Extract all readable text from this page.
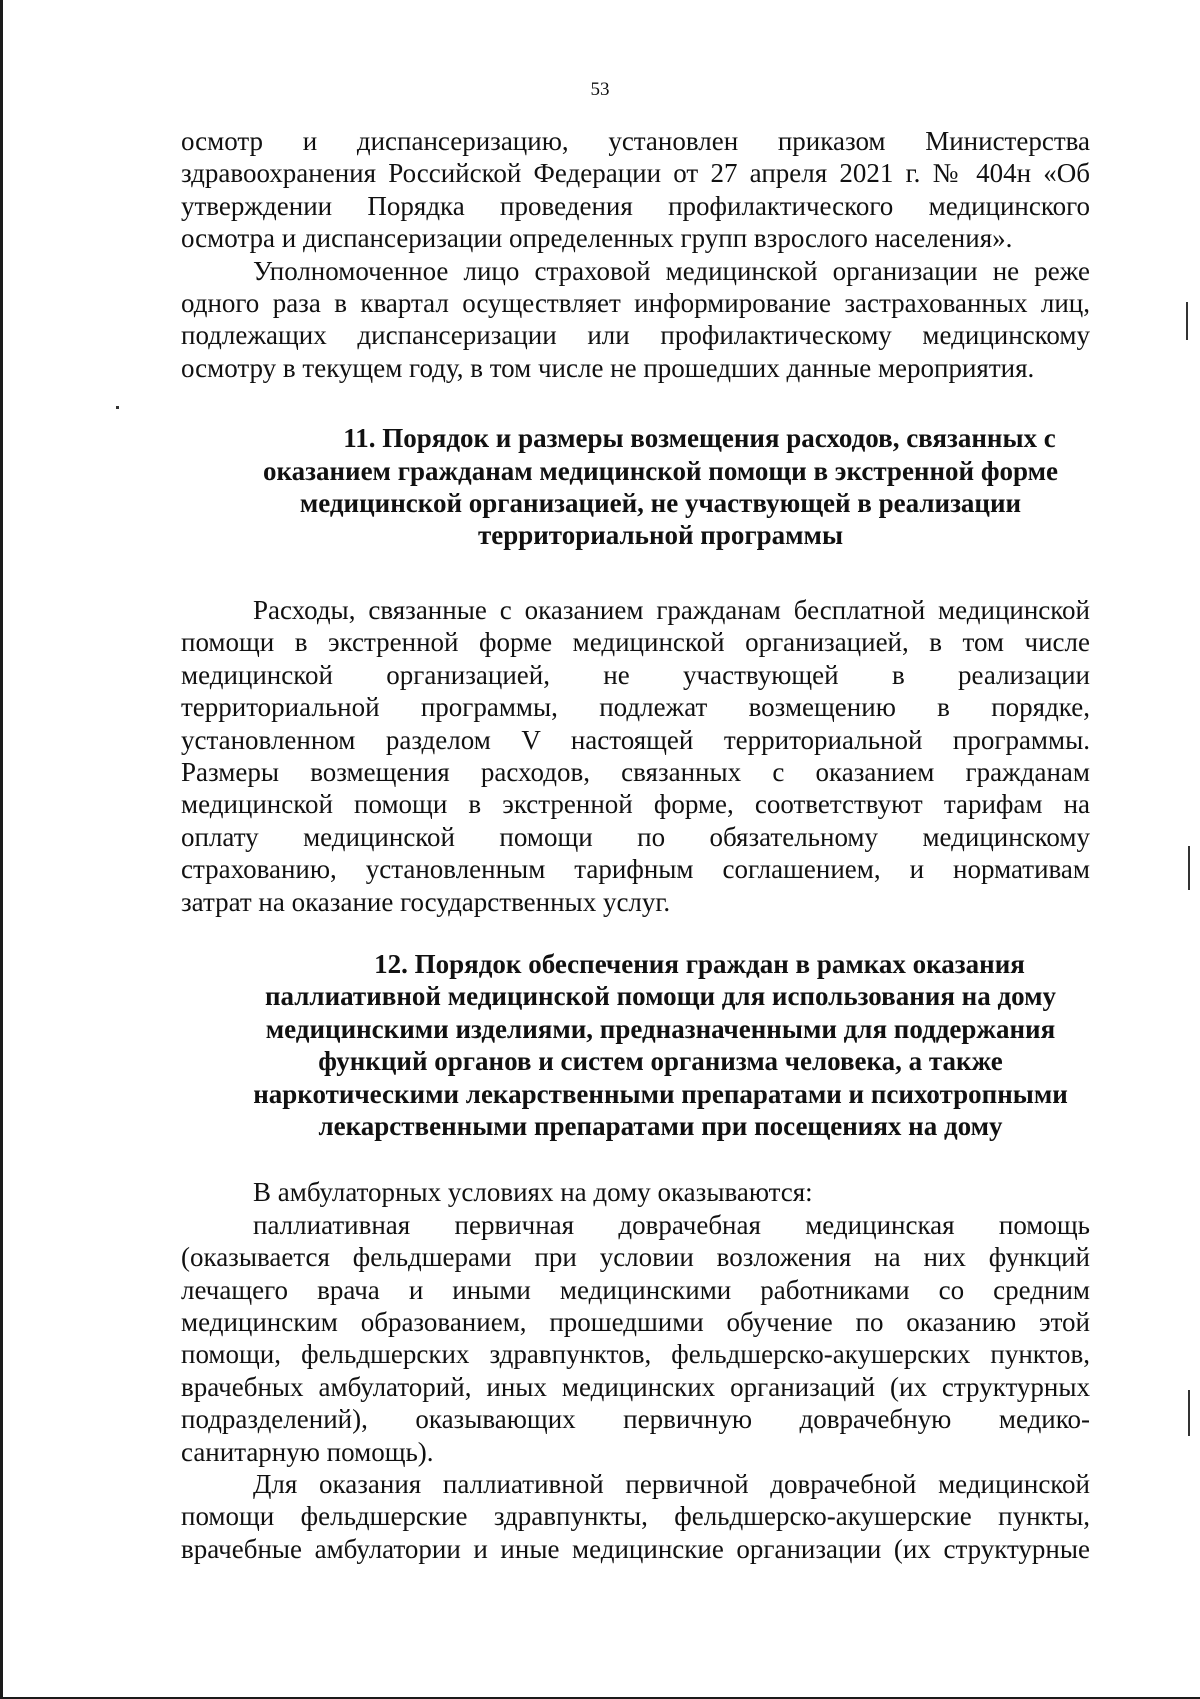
53

осмотр и диспансеризацию, установлен приказом Министерства
здравоохранения Российской Федерации от 27 апреля 2021 г. № 404н «Об
утверждении Порядка проведения профилактического медицинского
осмотра и диспансеризации определенных групп взрослого населения».

Уполномоченное лицо страховой медицинской организации не реже
одного раза в квартал осуществляет информирование застрахованных лиц,
подлежащих диспансеризации или профилактическому медицинскому
осмотру в текущем году, в том числе не прошедших данные мероприятия.

11. Порядок и размеры возмещения расходов, связанных с
оказанием гражданам медицинской помощи в экстренной форме
медицинской организацией, не участвующей в реализации
территориальной программы

Расходы, связанные с оказанием гражданам бесплатной медицинской
помощи в экстренной форме медицинской организацией, в том числе
медицинской организацией, не участвующей в реализации
территориальной программы, подлежат возмещению в порядке,
установленном разделом V настоящей территориальной программы.
Размеры возмещения расходов, связанных с оказанием гражданам
медицинской помощи в экстренной форме, соответствуют тарифам на
оплату медицинской помощи по обязательному медицинскому
страхованию, установленным тарифным соглашением, и нормативам
затрат на оказание государственных услуг.

12. Порядок обеспечения граждан в рамках оказания
паллиативной медицинской помощи для использования на дому
медицинскими изделиями, предназначенными для поддержания
функций органов и систем организма человека, а также
наркотическими лекарственными препаратами и психотропными
лекарственными препаратами при посещениях на дому

В амбулаторных условиях на дому оказываются:

паллиативная первичная доврачебная медицинская помощь
(оказывается фельдшерами при условии возложения на них функций
лечащего врача и иными медицинскими работниками со средним
медицинским образованием, прошедшими обучение по оказанию этой
помощи, фельдшерских здравпунктов, фельдшерско-акушерских пунктов,
врачебных амбулаторий, иных медицинских организаций (их структурных
подразделений), оказывающих первичную доврачебную медико-
санитарную помощь).

Для оказания паллиативной первичной доврачебной медицинской
помощи фельдшерские здравпункты, фельдшерско-акушерские пункты,
врачебные амбулатории и иные медицинские организации (их структурные
